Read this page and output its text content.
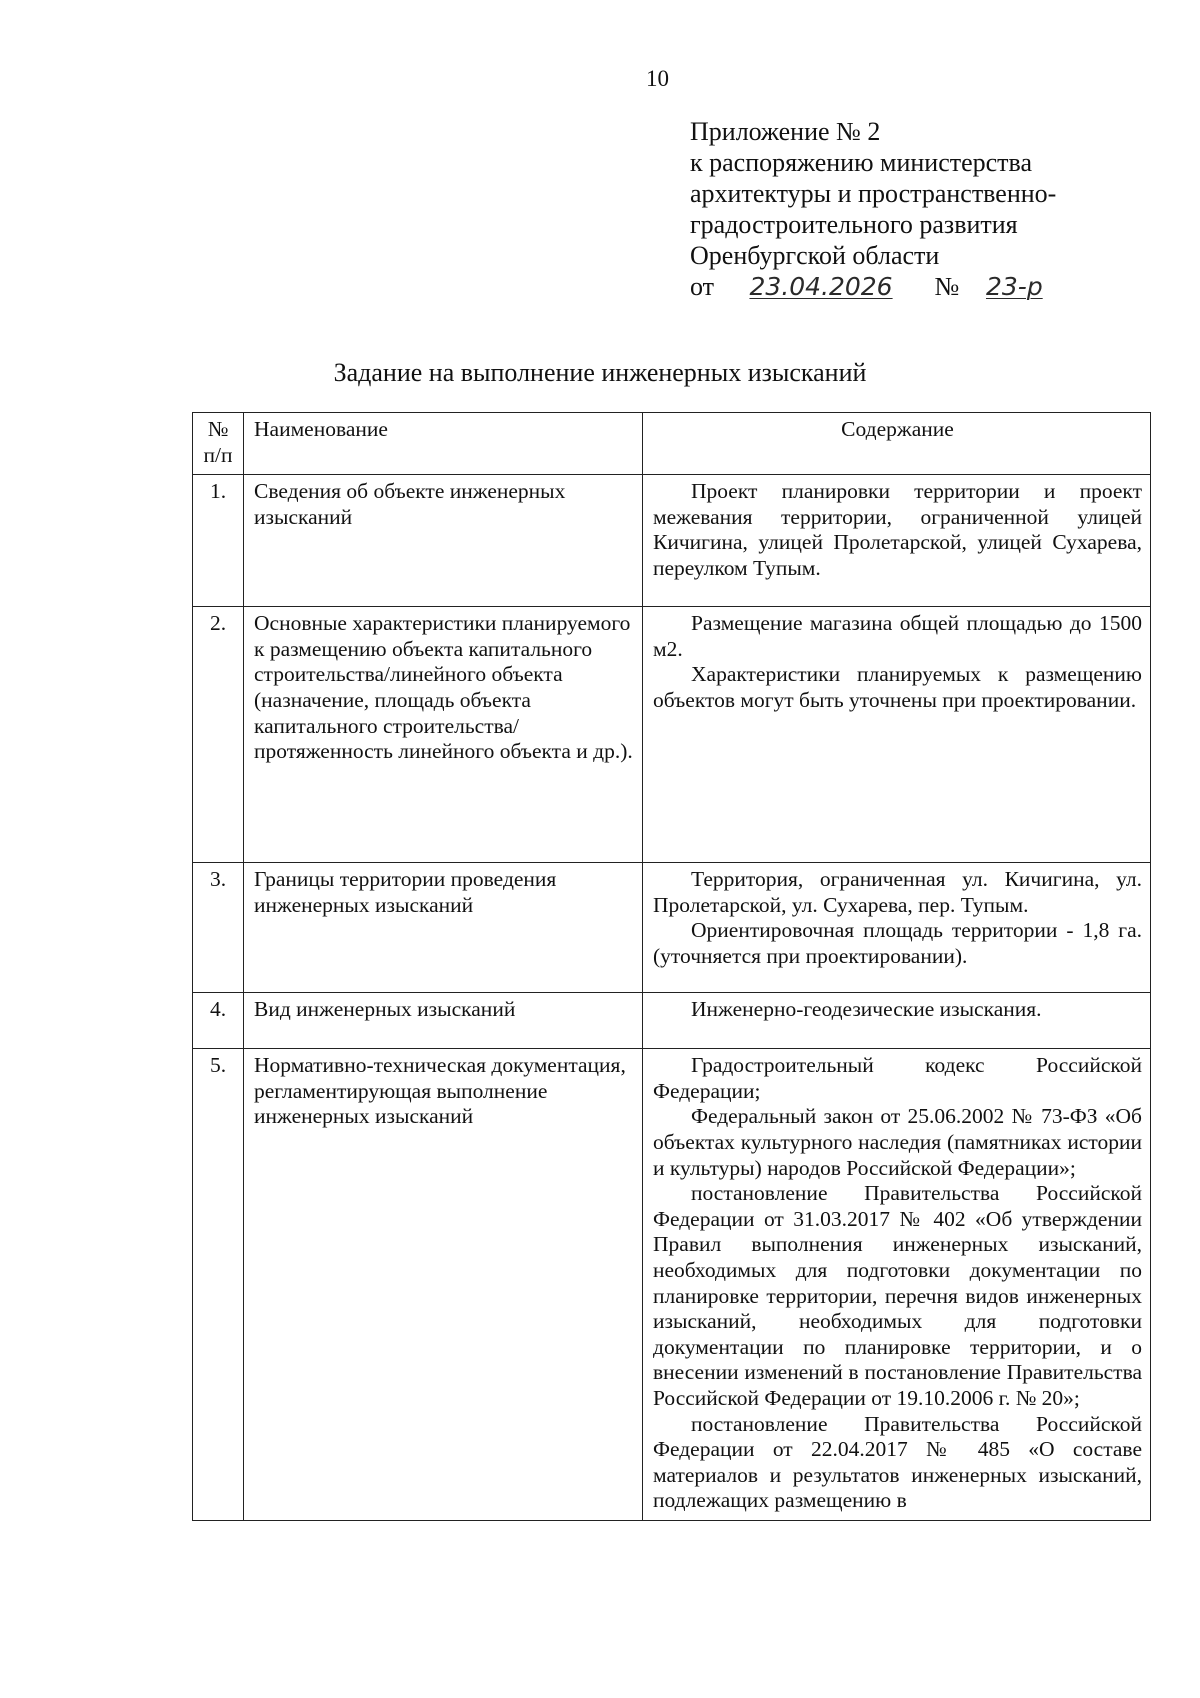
10
Приложение № 2
к распоряжению министерства
архитектуры и пространственно-
градостроительного развития
Оренбургской области
от 23.04.2026 № 23-р
Задание на выполнение инженерных изысканий
№ п/п	Наименование	Содержание
1.	Сведения об объекте инженерных изысканий	Проект планировки территории и проект межевания территории, ограниченной улицей Кичигина, улицей Пролетарской, улицей Сухарева, переулком Тупым.

2.	Основные характеристики планируемого к размещению объекта капитального строительства/линейного объекта (назначение, площадь объекта капитального строительства/протяженность линейного объекта и др.).	Размещение магазина общей площадью до 1500 м2.

Характеристики планируемых к размещению объектов могут быть уточнены при проектировании.

3.	Границы территории проведения инженерных изысканий	Территория, ограниченная ул. Кичигина, ул. Пролетарской, ул. Сухарева, пер. Тупым.

Ориентировочная площадь территории - 1,8 га. (уточняется при проектировании).

4.	Вид инженерных изысканий	Инженерно-геодезические изыскания.

5.	Нормативно-техническая документация, регламентирующая выполнение инженерных изысканий	Градостроительный кодекс Российской Федерации;

Федеральный закон от 25.06.2002 № 73-ФЗ «Об объектах культурного наследия (памятниках истории и культуры) народов Российской Федерации»;

постановление Правительства Российской Федерации от 31.03.2017 № 402 «Об утверждении Правил выполнения инженерных изысканий, необходимых для подготовки документации по планировке территории, перечня видов инженерных изысканий, необходимых для подготовки документации по планировке территории, и о внесении изменений в постановление Правительства Российской Федерации от 19.10.2006 г. № 20»;

постановление Правительства Российской Федерации от 22.04.2017 № 485 «О составе материалов и результатов инженерных изысканий, подлежащих размещению в
